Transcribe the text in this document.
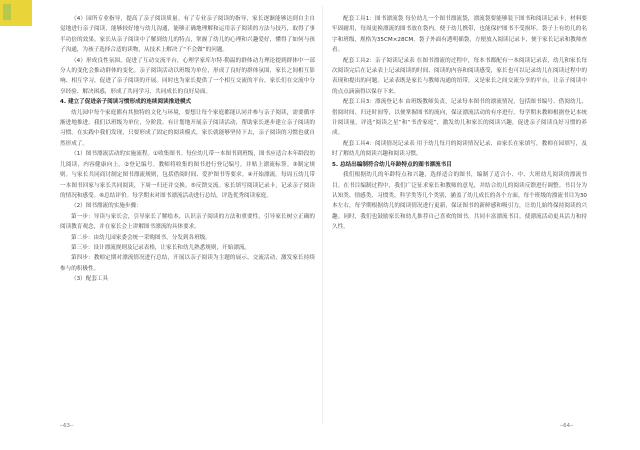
（4）园所专业指导，提高了亲子阅读质量。有了专业亲子阅读的指导，家长逐渐能够达到自主自觉地进行亲子阅读，能够较好地与幼儿沟通，能够正确地理解和运用亲子阅读的方法与技巧，取得了事半功倍的效果。家长从亲子阅读中了解到幼儿的特点，掌握了幼儿的心理和兴趣爱好，懂得了如何与孩子沟通，为孩子选择合适的读物，从技术上解决了“不会做”的问题。

（4）形成良性氛围，促进了互动交流平台，心理学家库尔特·勒温的群体动力理论提到群体中一部分人的变化会推动群体的变化。亲子阅读活动以班级为单位，形成了良好的群体氛围，家长之间相互影响、相互学习，促进了亲子阅读的开展。同时也为家长提供了一个相互交流的平台，家长们在交流中分享经验、解决困惑，形成了共同学习、共同成长的良好局面。

4. 建立了促进亲子阅读习惯形成的连续阅读推进模式

幼儿园中每个家庭都有其独特的文化与环境，要想让每个家庭都能认同并参与亲子阅读，需要循序渐进地推进。我们以班级为单位，分阶段、有计划地开展亲子阅读活动，帮助家长逐步建立亲子阅读的习惯。在实践中我们发现，只要形成了固定的阅读模式，家长就能够坚持下去，亲子阅读的习惯也就自然形成了。

（1）图书漂流活动的实施流程。①收集图书。每位幼儿带一本图书到班级，图书应适合本年龄段幼儿阅读，内容健康向上。②登记编号。教师将收集的图书进行登记编号，并贴上漂流标签。③制定规则。与家长共同商讨制定图书漂流规则，包括借阅时间、爱护图书等要求。④开始漂流。每周五幼儿带一本图书回家与家长共同阅读，下周一归还并交换。⑤反馈交流。家长填写阅读记录卡，记录亲子阅读的情况和感受。⑥总结评价。每学期末对图书漂流活动进行总结，评选优秀阅读家庭。

（2）图书漂流的实施步骤：

第一步：导读与家长会，引导家长了解绘本，认识亲子阅读的方法和重要性，引导家长树立正确的阅读教育观念，并在家长会上讲解图书漂流的具体要求。

第二步：由幼儿园家委会统一采购图书，分发到各班级。

第三步：设计漂流规则及记录表格，让家长和幼儿熟悉规则，开始漂流。

第四步：教师定期对漂流情况进行总结，开展以亲子阅读为主题的展示、交流活动，激发家长持续参与的积极性。

（3）配套工具

配套工具1：图书漂流袋 每位幼儿一个图书漂流袋，漂流袋要能够装下图书和阅读记录卡，材料要牢固耐用，每周更换漂流的图书放在袋内，便于幼儿携带，也能保护图书不受损坏。袋子上有幼儿的名字和班级，规格为35CM×28CM，袋子外面有透明插袋，方便放入阅读记录卡，便于家长记录和教师查看。

配套工具2：亲子阅读记录表 在图书漂流的过程中，每本书都配有一本阅读记录表，幼儿和家长每次阅读完后在记录表上记录阅读的时间、阅读的内容和阅读感受，家长也可以记录幼儿在阅读过程中的表现和提出的问题。记录表既是家长与教师沟通的纽带，又是家长之间交流分享的平台，让亲子阅读中的点点滴滴得以保存下来。

配套工具3：漂流登记本 由班级教师负责，记录每本图书的漂流情况，包括图书编号、借阅幼儿、借阅时间、归还时间等，以便掌握图书的流向，保证漂流活动的有序进行。每学期末教师根据登记本统计阅读量，评选“阅读之星”和“书香家庭”，激发幼儿和家长的阅读兴趣，促进亲子阅读良好习惯的养成。

配套工具4：阅读情况记录表 用于幼儿每月的阅读情况记录，由家长在家填写，教师在园填写，及时了解幼儿的阅读兴趣和阅读习惯。

5. 总结出编制符合幼儿年龄特点的图书漂流书目

我们根据幼儿的年龄特点和兴趣，选择适合的图书，编制了适合小、中、大班幼儿阅读的漂流书目。在书目编制过程中，我们广泛征求家长和教师的意见，并结合幼儿的阅读反馈进行调整。书目分为认知类、情感类、习惯类、科学类等几个类别，涵盖了幼儿成长的各个方面。每个班级的漂流书目为30本左右，每学期根据幼儿的阅读情况进行更新，保证图书的新鲜感和吸引力，让幼儿始终保持阅读的兴趣。同时，我们也鼓励家长和幼儿推荐自己喜欢的图书，共同丰富漂流书目，使漂流活动更具活力和持久性。

—63—	—64—
